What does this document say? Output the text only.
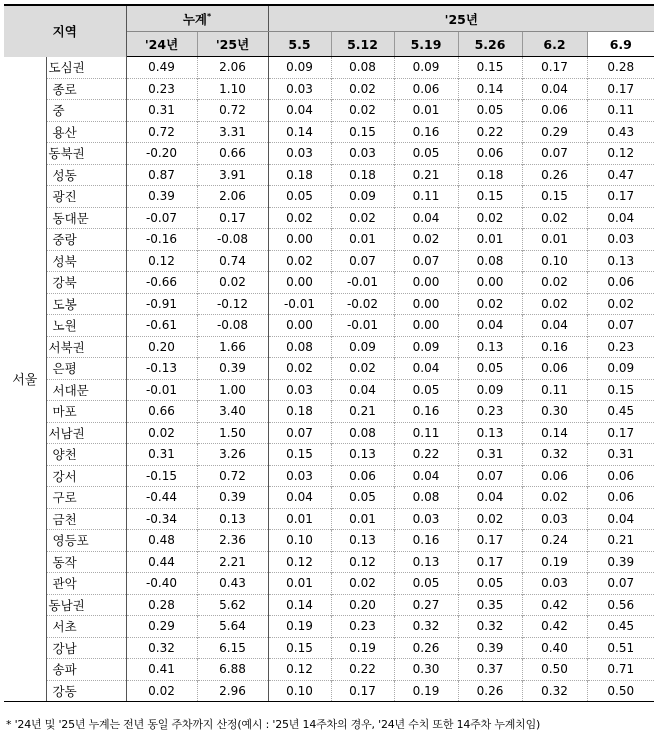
지역		누계*		'25년					
		'24년	'25년	5.5	5.12	5.19	5.26	6.2	6.9
서울	도심권	0.49	2.06	0.09	0.08	0.09	0.15	0.17	0.28
	종로	0.23	1.10	0.03	0.02	0.06	0.14	0.04	0.17
	중	0.31	0.72	0.04	0.02	0.01	0.05	0.06	0.11
	용산	0.72	3.31	0.14	0.15	0.16	0.22	0.29	0.43
	동북권	-0.20	0.66	0.03	0.03	0.05	0.06	0.07	0.12
	성동	0.87	3.91	0.18	0.18	0.21	0.18	0.26	0.47
	광진	0.39	2.06	0.05	0.09	0.11	0.15	0.15	0.17
	동대문	-0.07	0.17	0.02	0.02	0.04	0.02	0.02	0.04
	중랑	-0.16	-0.08	0.00	0.01	0.02	0.01	0.01	0.03
	성북	0.12	0.74	0.02	0.07	0.07	0.08	0.10	0.13
	강북	-0.66	0.02	0.00	-0.01	0.00	0.00	0.02	0.06
	도봉	-0.91	-0.12	-0.01	-0.02	0.00	0.02	0.02	0.02
	노원	-0.61	-0.08	0.00	-0.01	0.00	0.04	0.04	0.07
	서북권	0.20	1.66	0.08	0.09	0.09	0.13	0.16	0.23
	은평	-0.13	0.39	0.02	0.02	0.04	0.05	0.06	0.09
	서대문	-0.01	1.00	0.03	0.04	0.05	0.09	0.11	0.15
	마포	0.66	3.40	0.18	0.21	0.16	0.23	0.30	0.45
	서남권	0.02	1.50	0.07	0.08	0.11	0.13	0.14	0.17
	양천	0.31	3.26	0.15	0.13	0.22	0.31	0.32	0.31
	강서	-0.15	0.72	0.03	0.06	0.04	0.07	0.06	0.06
	구로	-0.44	0.39	0.04	0.05	0.08	0.04	0.02	0.06
	금천	-0.34	0.13	0.01	0.01	0.03	0.02	0.03	0.04
	영등포	0.48	2.36	0.10	0.13	0.16	0.17	0.24	0.21
	동작	0.44	2.21	0.12	0.12	0.13	0.17	0.19	0.39
	관악	-0.40	0.43	0.01	0.02	0.05	0.05	0.03	0.07
	동남권	0.28	5.62	0.14	0.20	0.27	0.35	0.42	0.56
	서초	0.29	5.64	0.19	0.23	0.32	0.32	0.42	0.45
	강남	0.32	6.15	0.15	0.19	0.26	0.39	0.40	0.51
	송파	0.41	6.88	0.12	0.22	0.30	0.37	0.50	0.71
	강동	0.02	2.96	0.10	0.17	0.19	0.26	0.32	0.50
* '24년 및 '25년 누계는 전년 동일 주차까지 산정(예시 : '25년 14주차의 경우, '24년 수치 또한 14주차 누계치임)
